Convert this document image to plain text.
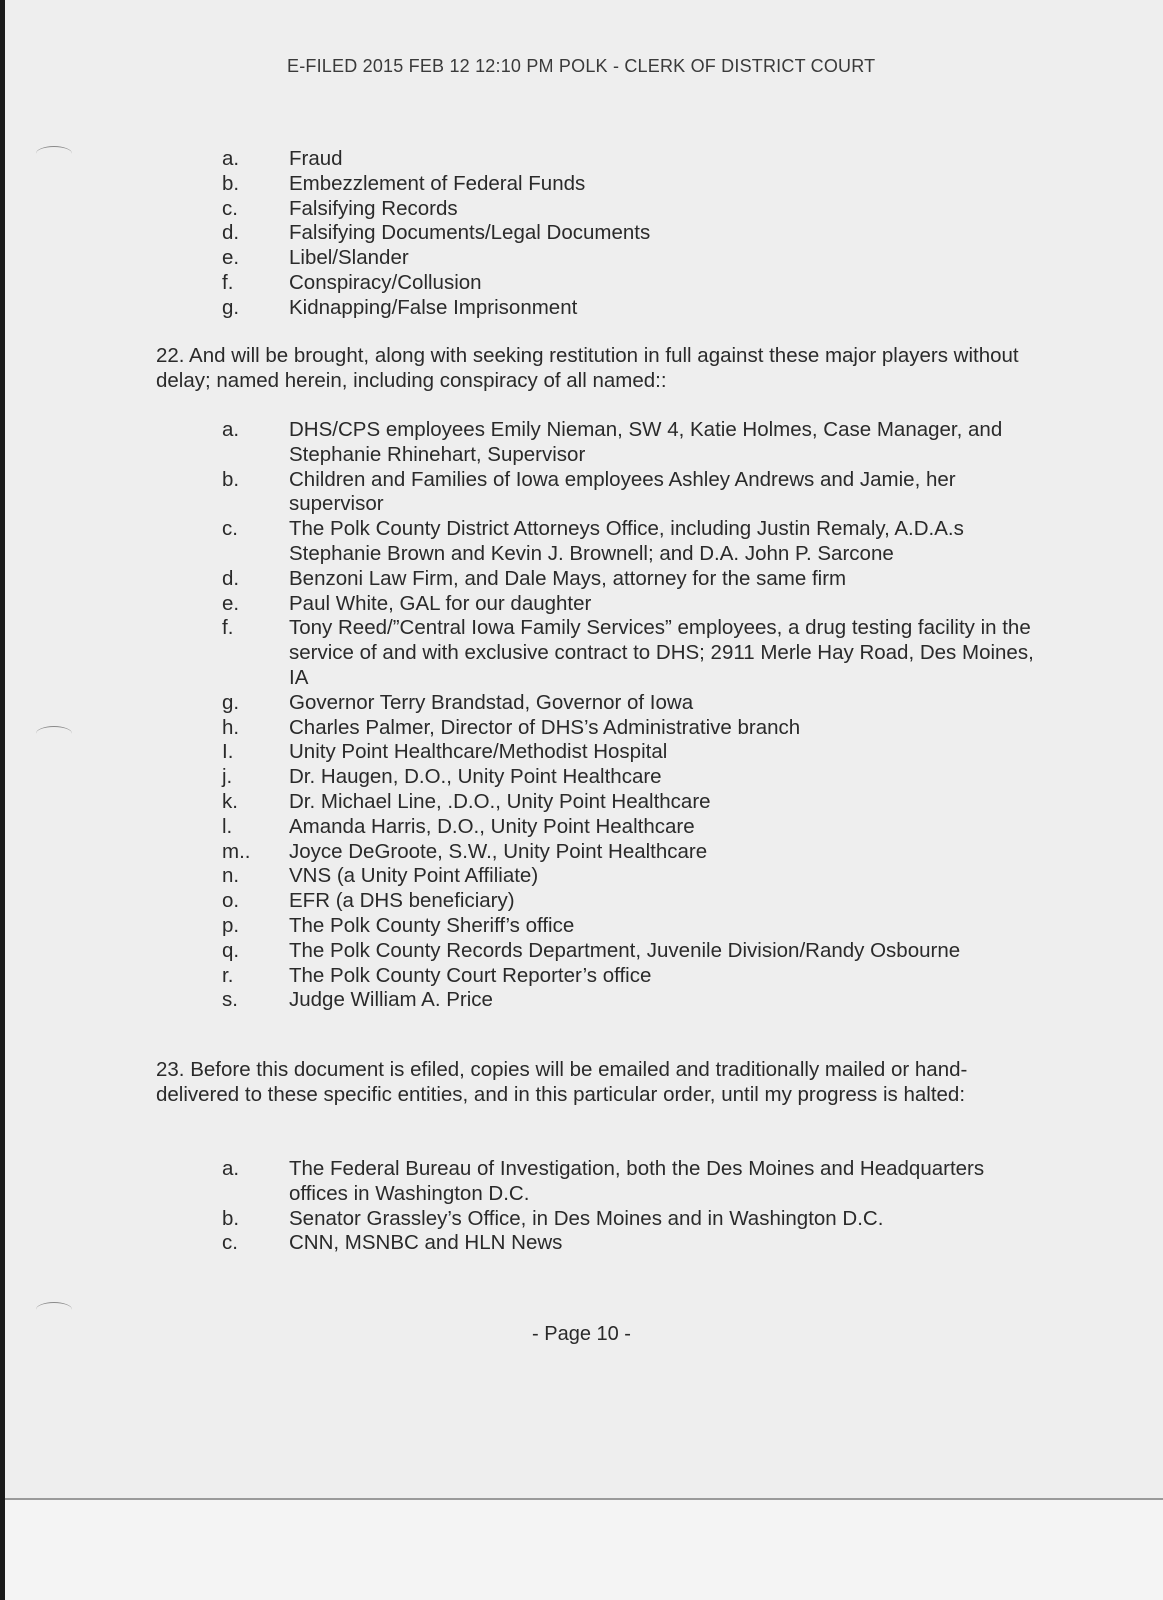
E-FILED 2015 FEB 12 12:10 PM POLK - CLERK OF DISTRICT COURT
a.	Fraud
b.	Embezzlement of Federal Funds
c.	Falsifying Records
d.	Falsifying Documents/Legal Documents
e.	Libel/Slander
f.	Conspiracy/Collusion
g.	Kidnapping/False Imprisonment

22. And will be brought, along with seeking restitution in full against these major players without delay; named herein, including conspiracy of all named::

a.	DHS/CPS employees Emily Nieman, SW 4, Katie Holmes, Case Manager, and Stephanie Rhinehart, Supervisor
b.	Children and Families of Iowa employees Ashley Andrews and Jamie, her supervisor
c.	The Polk County District Attorneys Office, including Justin Remaly, A.D.A.s Stephanie Brown and Kevin J. Brownell; and D.A. John P. Sarcone
d.	Benzoni Law Firm, and Dale Mays, attorney for the same firm
e.	Paul White, GAL for our daughter
f.	Tony Reed/”Central Iowa Family Services” employees, a drug testing facility in the service of and with exclusive contract to DHS; 2911 Merle Hay Road, Des Moines, IA
g.	Governor Terry Brandstad, Governor of Iowa
h.	Charles Palmer, Director of DHS’s Administrative branch
I.	Unity Point Healthcare/Methodist Hospital
j.	Dr. Haugen, D.O., Unity Point Healthcare
k.	Dr. Michael Line, .D.O., Unity Point Healthcare
l.	Amanda Harris, D.O., Unity Point Healthcare
m..	Joyce DeGroote, S.W., Unity Point Healthcare
n.	VNS (a Unity Point Affiliate)
o.	EFR (a DHS beneficiary)
p.	The Polk County Sheriff’s office
q.	The Polk County Records Department, Juvenile Division/Randy Osbourne
r.	The Polk County Court Reporter’s office
s.	Judge William A. Price

23. Before this document is efiled, copies will be emailed and traditionally mailed or hand-delivered to these specific entities, and in this particular order, until my progress is halted:

a.	The Federal Bureau of Investigation, both the Des Moines and Headquarters offices in Washington D.C.
b.	Senator Grassley’s Office, in Des Moines and in Washington D.C.
c.	CNN, MSNBC and HLN News
- Page 10 -
